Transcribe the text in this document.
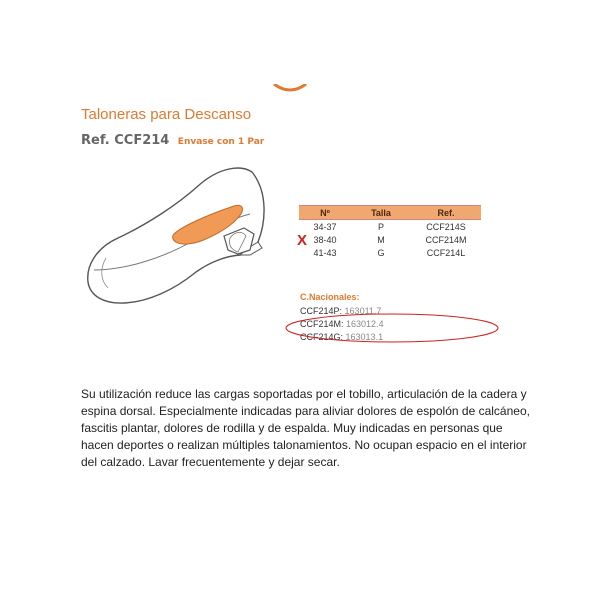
Taloneras para Descanso
Ref. CCF214 Envase con 1 Par
Nº	Talla	Ref.
34-37	P	CCF214S
38-40	M	CCF214M
41-43	G	CCF214L
X
C.Nacionales:
CCF214P: 163011.7
CCF214M: 163012.4
CCF214G: 163013.1
Su utilización reduce las cargas soportadas por el tobillo, articulación de la cadera y espina dorsal. Especialmente indicadas para aliviar dolores de espolón de calcáneo, fascitis plantar, dolores de rodilla y de espalda. Muy indicadas en personas que hacen deportes o realizan múltiples talonamientos. No ocupan espacio en el interior del calzado. Lavar frecuentemente y dejar secar.
